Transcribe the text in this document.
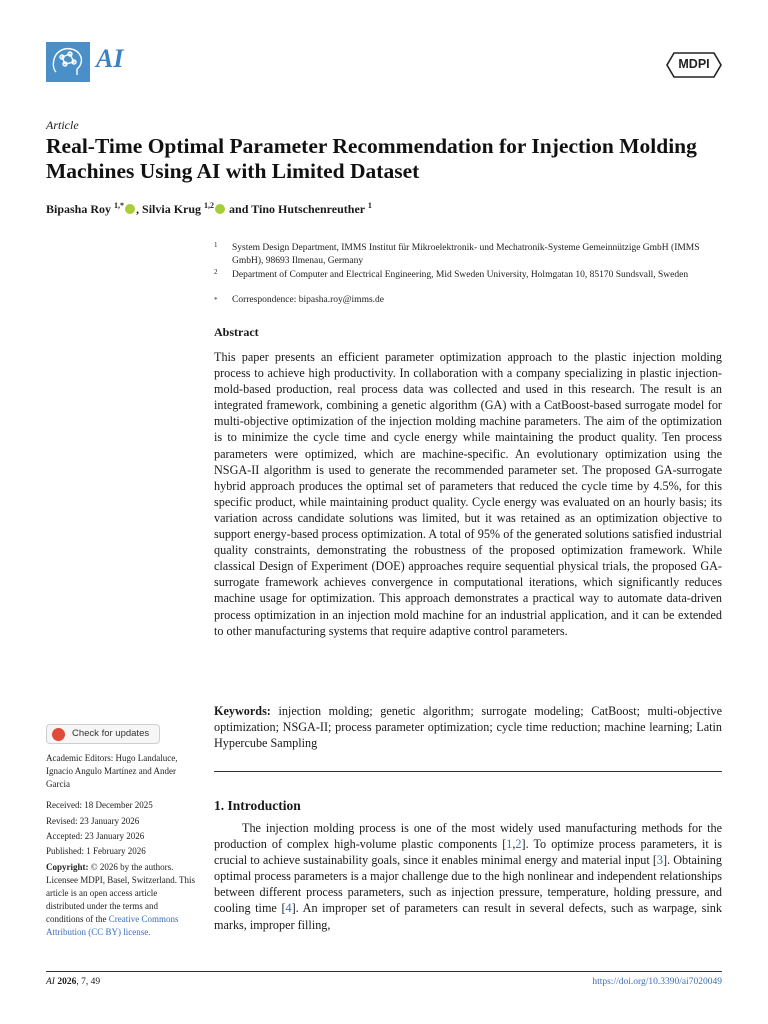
AI	MDPI
Article
Real-Time Optimal Parameter Recommendation for Injection Molding Machines Using AI with Limited Dataset
Bipasha Roy $^{1,*}$ , Silvia Krug $^{1,2}$ and Tino Hutschenreuther $^1$
1 System Design Department, IMMS Institut für Mikroelektronik- und Mechatronik-Systeme Gemeinnützige GmbH (IMMS GmbH), 98693 Ilmenau, Germany
2 Department of Computer and Electrical Engineering, Mid Sweden University, Holmgatan 10, 85170 Sundsvall, Sweden
* Correspondence: bipasha.roy@imms.de
Abstract
This paper presents an efficient parameter optimization approach to the plastic injection molding process to achieve high productivity. In collaboration with a company specializing in plastic injection-mold-based production, real process data was collected and used in this research. The result is an integrated framework, combining a genetic algorithm (GA) with a CatBoost-based surrogate model for multi-objective optimization of the injection molding machine parameters. The aim of the optimization is to minimize the cycle time and cycle energy while maintaining the product quality. Ten process parameters were optimized, which are machine-specific. An evolutionary optimization using the NSGA-II algorithm is used to generate the recommended parameter set. The proposed GA-surrogate hybrid approach produces the optimal set of parameters that reduced the cycle time by 4.5%, for this specific product, while maintaining product quality. Cycle energy was evaluated on an hourly basis; its variation across candidate solutions was limited, but it was retained as an optimization objective to support energy-based process optimization. A total of 95% of the generated solutions satisfied industrial quality constraints, demonstrating the robustness of the proposed optimization framework. While classical Design of Experiment (DOE) approaches require sequential physical trials, the proposed GA-surrogate framework achieves convergence in computational iterations, which significantly reduces machine usage for optimization. This approach demonstrates a practical way to automate data-driven process optimization in an injection mold machine for an industrial application, and it can be extended to other manufacturing systems that require adaptive control parameters.
Keywords: injection molding; genetic algorithm; surrogate modeling; CatBoost; multi-objective optimization; NSGA-II; process parameter optimization; cycle time reduction; machine learning; Latin Hypercube Sampling
1. Introduction
The injection molding process is one of the most widely used manufacturing methods for the production of complex high-volume plastic components [1,2]. To optimize process parameters, it is crucial to achieve sustainability goals, since it enables minimal energy and material input [3]. Obtaining optimal process parameters is a major challenge due to the high nonlinear and independent relationships between different process parameters, such as injection pressure, temperature, holding pressure, and cooling time [4]. An improper set of parameters can result in several defects, such as warpage, sink marks, improper filling,
Check for updates
Academic Editors: Hugo Landaluce, Ignacio Angulo Martínez and Ander Garcia
Received: 18 December 2025
Revised: 23 January 2026
Accepted: 23 January 2026
Published: 1 February 2026
Copyright: © 2026 by the authors. Licensee MDPI, Basel, Switzerland. This article is an open access article distributed under the terms and conditions of the Creative Commons Attribution (CC BY) license.
AI 2026, 7, 49	https://doi.org/10.3390/ai7020049
